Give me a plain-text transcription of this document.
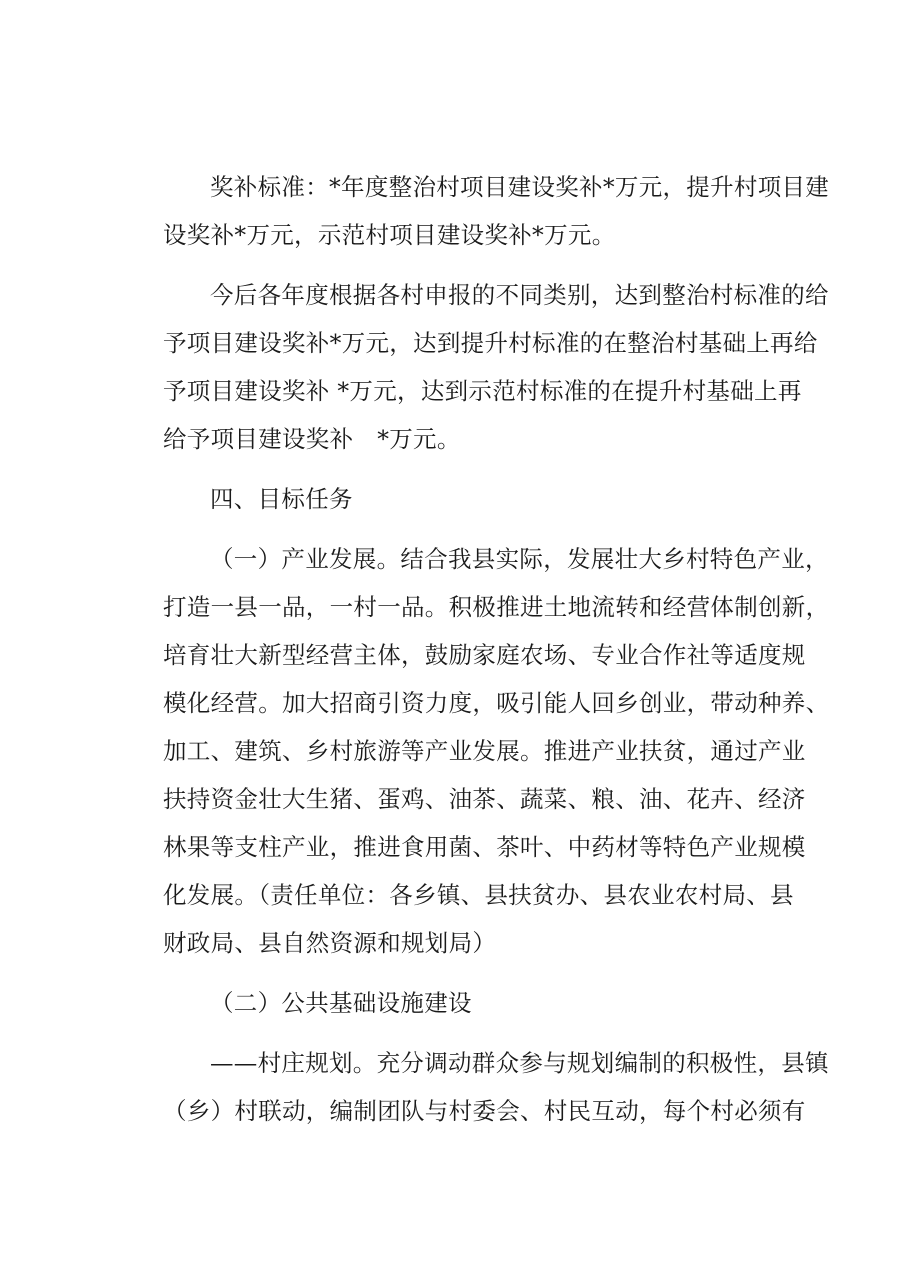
奖补标准：*年度整治村项目建设奖补*万元，提升村项目建
设奖补*万元，示范村项目建设奖补*万元。
今后各年度根据各村申报的不同类别，达到整治村标准的给
予项目建设奖补*万元，达到提升村标准的在整治村基础上再给
予项目建设奖补 *万元，达到示范村标准的在提升村基础上再
给予项目建设奖补　*万元。
四、目标任务
（一）产业发展。结合我县实际，发展壮大乡村特色产业，
打造一县一品，一村一品。积极推进土地流转和经营体制创新，
培育壮大新型经营主体，鼓励家庭农场、专业合作社等适度规
模化经营。加大招商引资力度，吸引能人回乡创业，带动种养、
加工、建筑、乡村旅游等产业发展。推进产业扶贫，通过产业
扶持资金壮大生猪、蛋鸡、油茶、蔬菜、粮、油、花卉、经济
林果等支柱产业，推进食用菌、茶叶、中药材等特色产业规模
化发展。（责任单位：各乡镇、县扶贫办、县农业农村局、县
财政局、县自然资源和规划局）
（二）公共基础设施建设
——村庄规划。充分调动群众参与规划编制的积极性，县镇
（乡）村联动，编制团队与村委会、村民互动，每个村必须有
